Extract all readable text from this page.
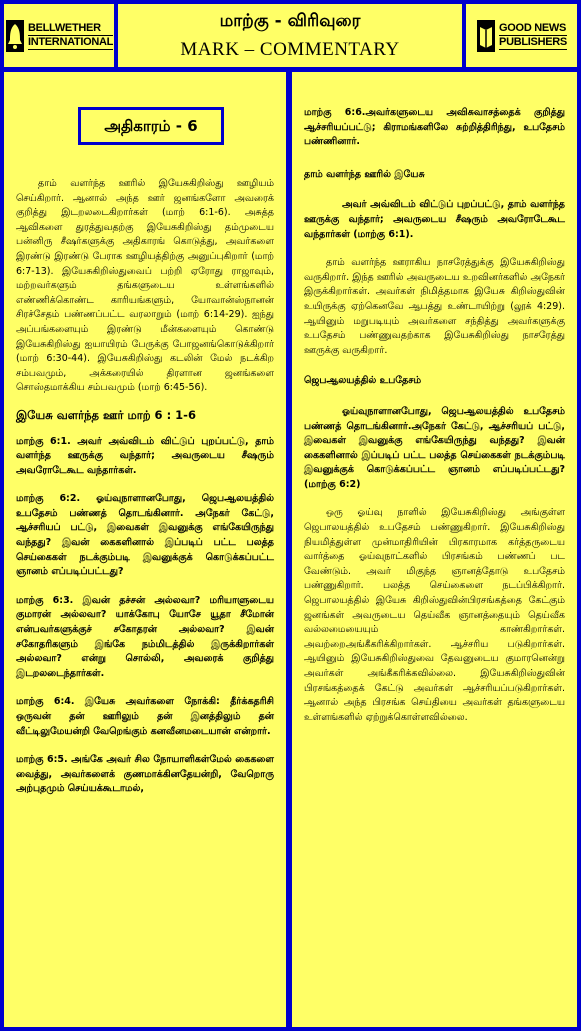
BELLWETHER
INTERNATIONAL
மாற்கு - விரிவுரை
MARK – COMMENTARY
GOOD NEWS
PUBLISHERS
அதிகாரம் - 6

தாம் வளர்ந்த ஊரில் இயேசுகிறிஸ்து ஊழியம் செய்கிறார். ஆனால் அந்த ஊர் ஜனங்களோ அவரைக் குறித்து இடறலடைகிறார்கள் (மாற் 6:1-6). அசுத்த ஆவிகளை துரத்துவதற்கு இயேசுகிறிஸ்து தம்முடைய பன்னிரு சீஷர்களுக்கு அதிகாரங் கொடுத்து, அவர்களை இரண்டு இரண்டு பேராக ஊழியத்திற்கு அனுப்புகிறார் (மாற் 6:7-13). இயேசுகிறிஸ்துவைப் பற்றி ஏரோது ராஜாவும், மற்றவர்களும் தங்களுடைய உள்ளங்களில் எண்ணிக்கொண்ட காரியங்களும், யோவான்ஸ்நானன் சிரச்சேதம் பண்ணப்பட்ட வரலாறும் (மாற் 6:14-29). ஐந்து அப்பங்களையும் இரண்டு மீன்களையும் கொண்டு இயேசுகிறிஸ்து ஐயாயிரம் பேருக்கு போஜனங்கொடுக்கிறார் (மாற் 6:30-44). இயேசுகிறிஸ்து கடலின் மேல் நடக்கிற சம்பவமும், அக்கரையில் திரளான ஜனங்களை சொஸ்தமாக்கிய சம்பவமும் (மாற் 6:45-56).

இயேசு வளர்ந்த ஊர் மாற் 6 : 1-6

மாற்கு 6:1. அவர் அவ்விடம் விட்டுப் புறப்பட்டு, தாம் வளர்ந்த ஊருக்கு வந்தார்; அவருடைய சீஷரும் அவரோடேகூட வந்தார்கள்.

மாற்கு 6:2. ஓய்வுநாளானபோது, ஜெபஆலயத்தில் உபதேசம் பண்ணத் தொடங்கினார். அநேகர் கேட்டு, ஆச்சரியப் பட்டு, இவைகள் இவனுக்கு எங்கேயிருந்து வந்தது? இவன் கைகளினால் இப்படிப் பட்ட பலத்த செய்கைகள் நடக்கும்படி இவனுக்குக் கொடுக்கப்பட்ட ஞானம் எப்படிப்பட்டது?

மாற்கு 6:3. இவன் தச்சன் அல்லவா? மரியாளுடைய குமாரன் அல்லவா? யாக்கோபு யோசே யூதா சீமோன் என்பவர்களுக்குச் சகோதரன் அல்லவா? இவன் சகோதரிகளும் இங்கே நம்மிடத்தில் இருக்கிறார்கள் அல்லவா? என்று சொல்லி, அவரைக் குறித்து இடறலடைந்தார்கள்.

மாற்கு 6:4. இயேசு அவர்களை நோக்கி: தீர்க்கதரிசி ஒருவன் தன் ஊரிலும் தன் இனத்திலும் தன் வீட்டிலுமேயன்றி வேறெங்கும் கனவீனமடையான் என்றார்.

மாற்கு 6:5. அங்கே அவர் சில நோயாளிகள்மேல் கைகளை வைத்து, அவர்களைக் குணமாக்கினதேயன்றி, வேறொரு அற்புதமும் செய்யக்கூடாமல்,

மாற்கு 6:6.அவர்களுடைய அவிசுவாசத்தைக் குறித்து ஆச்சரியப்பட்டு; கிராமங்களிலே சுற்றித்திரிந்து, உபதேசம் பண்ணினார்.

தாம் வளர்ந்த ஊரில் இயேசு

அவர் அவ்விடம் விட்டுப் புறப்பட்டு, தாம் வளர்ந்த ஊருக்கு வந்தார்; அவருடைய சீஷரும் அவரோடேகூட வந்தார்கள் (மாற்கு 6:1).

தாம் வளர்ந்த ஊராகிய நாசரேத்துக்கு இயேசுகிறிஸ்து வருகிறார். இந்த ஊரில் அவருடைய உறவினர்களில் அநேகர் இருக்கிறார்கள். அவர்கள் நிமித்தமாக இயேசு கிறிஸ்துவின் உயிருக்கு ஏற்கெனவே ஆபத்து உண்டாயிற்று (லூக் 4:29). ஆயினும் மறுபடியும் அவர்களை சந்தித்து அவர்களுக்கு உபதேசம் பண்ணுவதற்காக இயேசுகிறிஸ்து நாசரேத்து ஊருக்கு வருகிறார்.

ஜெபஆலயத்தில் உபதேசம்

ஓய்வுநாளானபோது, ஜெபஆலயத்தில் உபதேசம் பண்ணத் தொடங்கினார்.அநேகர் கேட்டு, ஆச்சரியப் பட்டு, இவைகள் இவனுக்கு எங்கேயிருந்து வந்தது? இவன் கைகளினால் இப்படிப் பட்ட பலத்த செய்கைகள் நடக்கும்படி இவனுக்குக் கொடுக்கப்பட்ட ஞானம் எப்படிப்பட்டது? (மாற்கு 6:2)

ஒரு ஓய்வு நாளில் இயேசுகிறிஸ்து அங்குள்ள ஜெபாலயத்தில் உபதேசம் பண்ணுகிறார். இயேசுகிறிஸ்து நியமித்துள்ள முன்மாதிரியின் பிரகாரமாக கர்த்தருடைய வார்த்தை ஓய்வுநாட்களில் பிரசங்கம் பண்ணப் பட வேண்டும். அவர் மிகுந்த ஞானத்தோடு உபதேசம் பண்ணுகிறார். பலத்த செய்கைளை நடப்பிக்கிறார். ஜெபாலயத்தில் இயேசு கிறிஸ்துவின்பிரசங்கத்தை கேட்கும் ஜனங்கள் அவருடைய தெய்வீக ஞானத்தையும் தெய்வீக வல்லமையையும் காண்கிறார்கள். அவற்றைஅங்கீகரிக்கிறார்கள். ஆச்சரிய படுகிறார்கள். ஆயினும் இயேசுகிறிஸ்துவை தேவனுடைய குமாரனென்று அவர்கள் அங்கீகரிக்கவில்லை. இயேசுகிறிஸ்துவின் பிரசங்கத்தைக் கேட்டு அவர்கள் ஆச்சரியப்படுகிறார்கள். ஆனால் அந்த பிரசங்க செய்தியை அவர்கள் தங்களுடைய உள்ளங்களில் ஏற்றுக்கொள்ளவில்லை.
